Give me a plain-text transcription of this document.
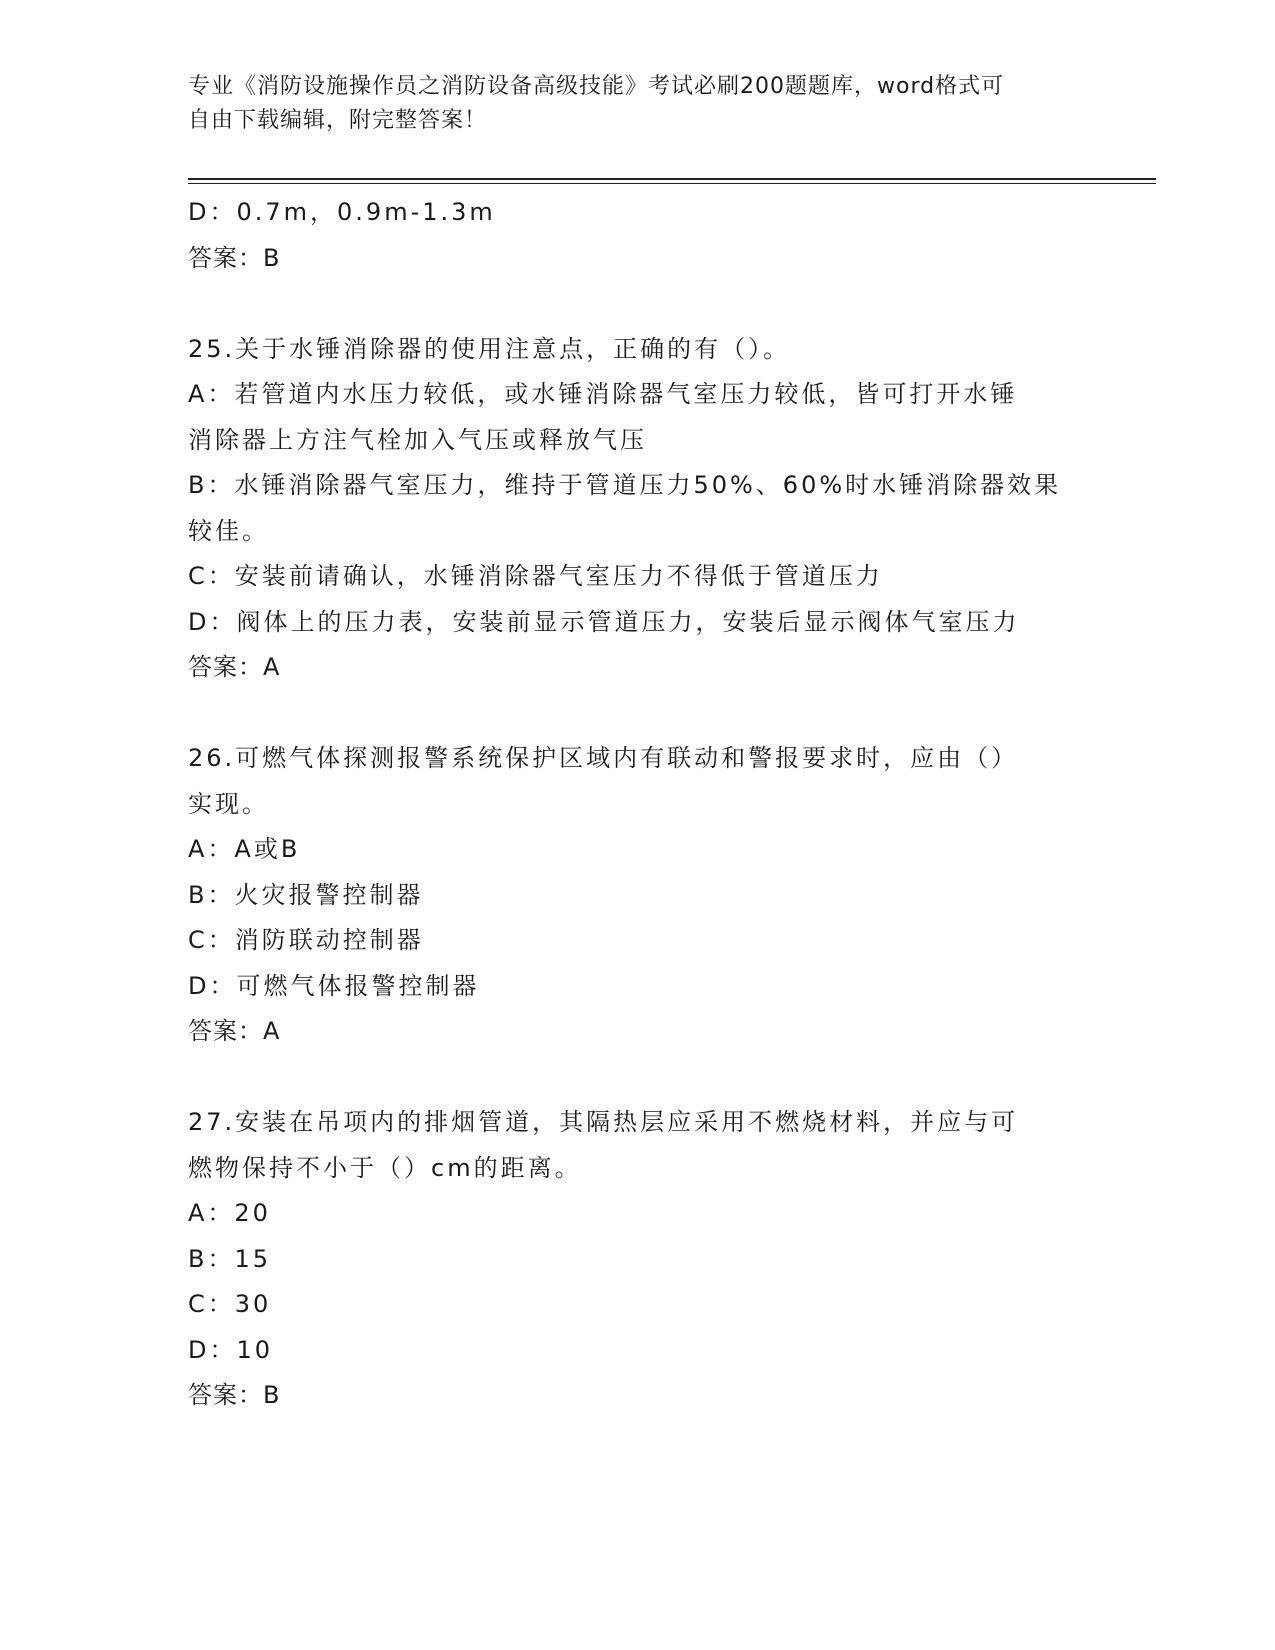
专业《消防设施操作员之消防设备高级技能》考试必刷200题题库，word格式可
自由下载编辑，附完整答案！
D：0.7m，0.9m-1.3m
答案：B
25.关于水锤消除器的使用注意点，正确的有（）。
A：若管道内水压力较低，或水锤消除器气室压力较低，皆可打开水锤
消除器上方注气栓加入气压或释放气压
B：水锤消除器气室压力，维持于管道压力50%、60%时水锤消除器效果
较佳。
C：安装前请确认，水锤消除器气室压力不得低于管道压力
D：阀体上的压力表，安装前显示管道压力，安装后显示阀体气室压力
答案：A
26.可燃气体探测报警系统保护区域内有联动和警报要求时，应由（）
实现。
A：A或B
B：火灾报警控制器
C：消防联动控制器
D：可燃气体报警控制器
答案：A
27.安装在吊项内的排烟管道，其隔热层应采用不燃烧材料，并应与可
燃物保持不小于（）cm的距离。
A：20
B：15
C：30
D：10
答案：B
